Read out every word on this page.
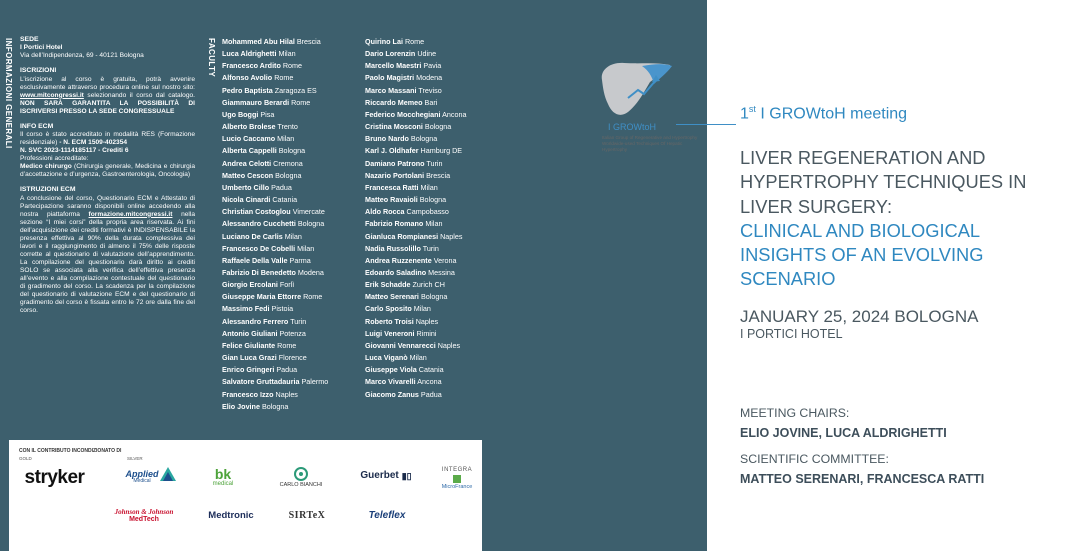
INFORMAZIONI GENERALI	FACULTY
SEDE

I Portici Hotel

Via dell’Indipendenza, 69 - 40121 Bologna

ISCRIZIONI

L’iscrizione al corso è gratuita, potrà avvenire esclusivamente attraverso procedura online sul nostro sito: www.mitcongressi.it selezionando il corso dal catalogo. NON SARÀ GARANTITA LA POSSIBILITÀ DI ISCRIVERSI PRESSO LA SEDE CONGRESSUALE

INFO ECM

Il corso è stato accreditato in modalità RES (Formazione residenziale) - N. ECM 1509-402354
N. SVC 2023-1114185117 - Crediti 6
Professioni accreditate:
Medico chirurgo (Chirurgia generale, Medicina e chirurgia d’accettazione e d’urgenza, Gastroenterologia, Oncologia)

ISTRUZIONI ECM

A conclusione del corso, Questionario ECM e Attestato di Partecipazione saranno disponibili online accedendo alla nostra piattaforma formazione.mitcongressi.it nella sezione “I miei corsi” della propria area riservata. Ai fini dell’acquisizione dei crediti formativi è INDISPENSABILE la presenza effettiva al 90% della durata complessiva dei lavori e il raggiungimento di almeno il 75% delle risposte corrette al questionario di valutazione dell’apprendimento. La compilazione del questionario darà diritto ai crediti SOLO se associata alla verifica dell’effettiva presenza all’evento e alla compilazione contestuale del questionario di gradimento del corso. La scadenza per la compilazione del questionario di valutazione ECM e del questionario di gradimento del corso è fissata entro le 72 ore dalla fine del corso.

Mohammed Abu Hilal Brescia
Luca Aldrighetti Milan
Francesco Ardito Rome
Alfonso Avolio Rome
Pedro Baptista Zaragoza ES
Giammauro Berardi Rome
Ugo Boggi Pisa
Alberto Brolese Trento
Lucio Caccamo Milan
Alberta Cappelli Bologna
Andrea Celotti Cremona
Matteo Cescon Bologna
Umberto Cillo Padua
Nicola Cinardi Catania
Christian Costoglou Vimercate
Alessandro Cucchetti Bologna
Luciano De Carlis Milan
Francesco De Cobelli Milan
Raffaele Della Valle Parma
Fabrizio Di Benedetto Modena
Giorgio Ercolani Forlì
Giuseppe Maria Ettorre Rome
Massimo Fedi Pistoia
Alessandro Ferrero Turin
Antonio Giuliani Potenza
Felice Giuliante Rome
Gian Luca Grazi Florence
Enrico Gringeri Padua
Salvatore Gruttadauria Palermo
Francesco Izzo Naples
Elio Jovine Bologna
Quirino Lai Rome
Dario Lorenzin Udine
Marcello Maestri Pavia
Paolo Magistri Modena
Marco Massani Treviso
Riccardo Memeo Bari
Federico Mocchegiani Ancona
Cristina Mosconi Bologna
Bruno Nardo Bologna
Karl J. Oldhafer Hamburg DE
Damiano Patrono Turin
Nazario Portolani Brescia
Francesca Ratti Milan
Matteo Ravaioli Bologna
Aldo Rocca Campobasso
Fabrizio Romano Milan
Gianluca Rompianesi Naples
Nadia Russolillo Turin
Andrea Ruzzenente Verona
Edoardo Saladino Messina
Erik Schadde Zurich CH
Matteo Serenari Bologna
Carlo Sposito Milan
Roberto Troisi Naples
Luigi Veneroni Rimini
Giovanni Vennarecci Naples
Luca Viganò Milan
Giuseppe Viola Catania
Marco Vivarelli Ancona
Giacomo Zanus Padua
CON IL CONTRIBUTO INCONDIZIONATO DI
GOLD	SILVER
stryker	Applied
Medical	bk
medical	CARLO BIANCHI
Guerbet ▮▯
INTEGRA
MicroFrance
Johnson & Johnson
MedTech	Medtronic	SIRTeX	Teleflex
I GROWtoH
Italian Group of Regenerative and Hypertrophy Worldwide-used Techniques Of Hepatic Hypertrophy
1st I GROWtoH meeting
LIVER REGENERATION AND HYPERTROPHY TECHNIQUES IN LIVER SURGERY:
CLINICAL AND BIOLOGICAL INSIGHTS OF AN EVOLVING SCENARIO
JANUARY 25, 2024 BOLOGNA
I PORTICI HOTEL
MEETING CHAIRS:
ELIO JOVINE, LUCA ALDRIGHETTI
SCIENTIFIC COMMITTEE:
MATTEO SERENARI, FRANCESCA RATTI
